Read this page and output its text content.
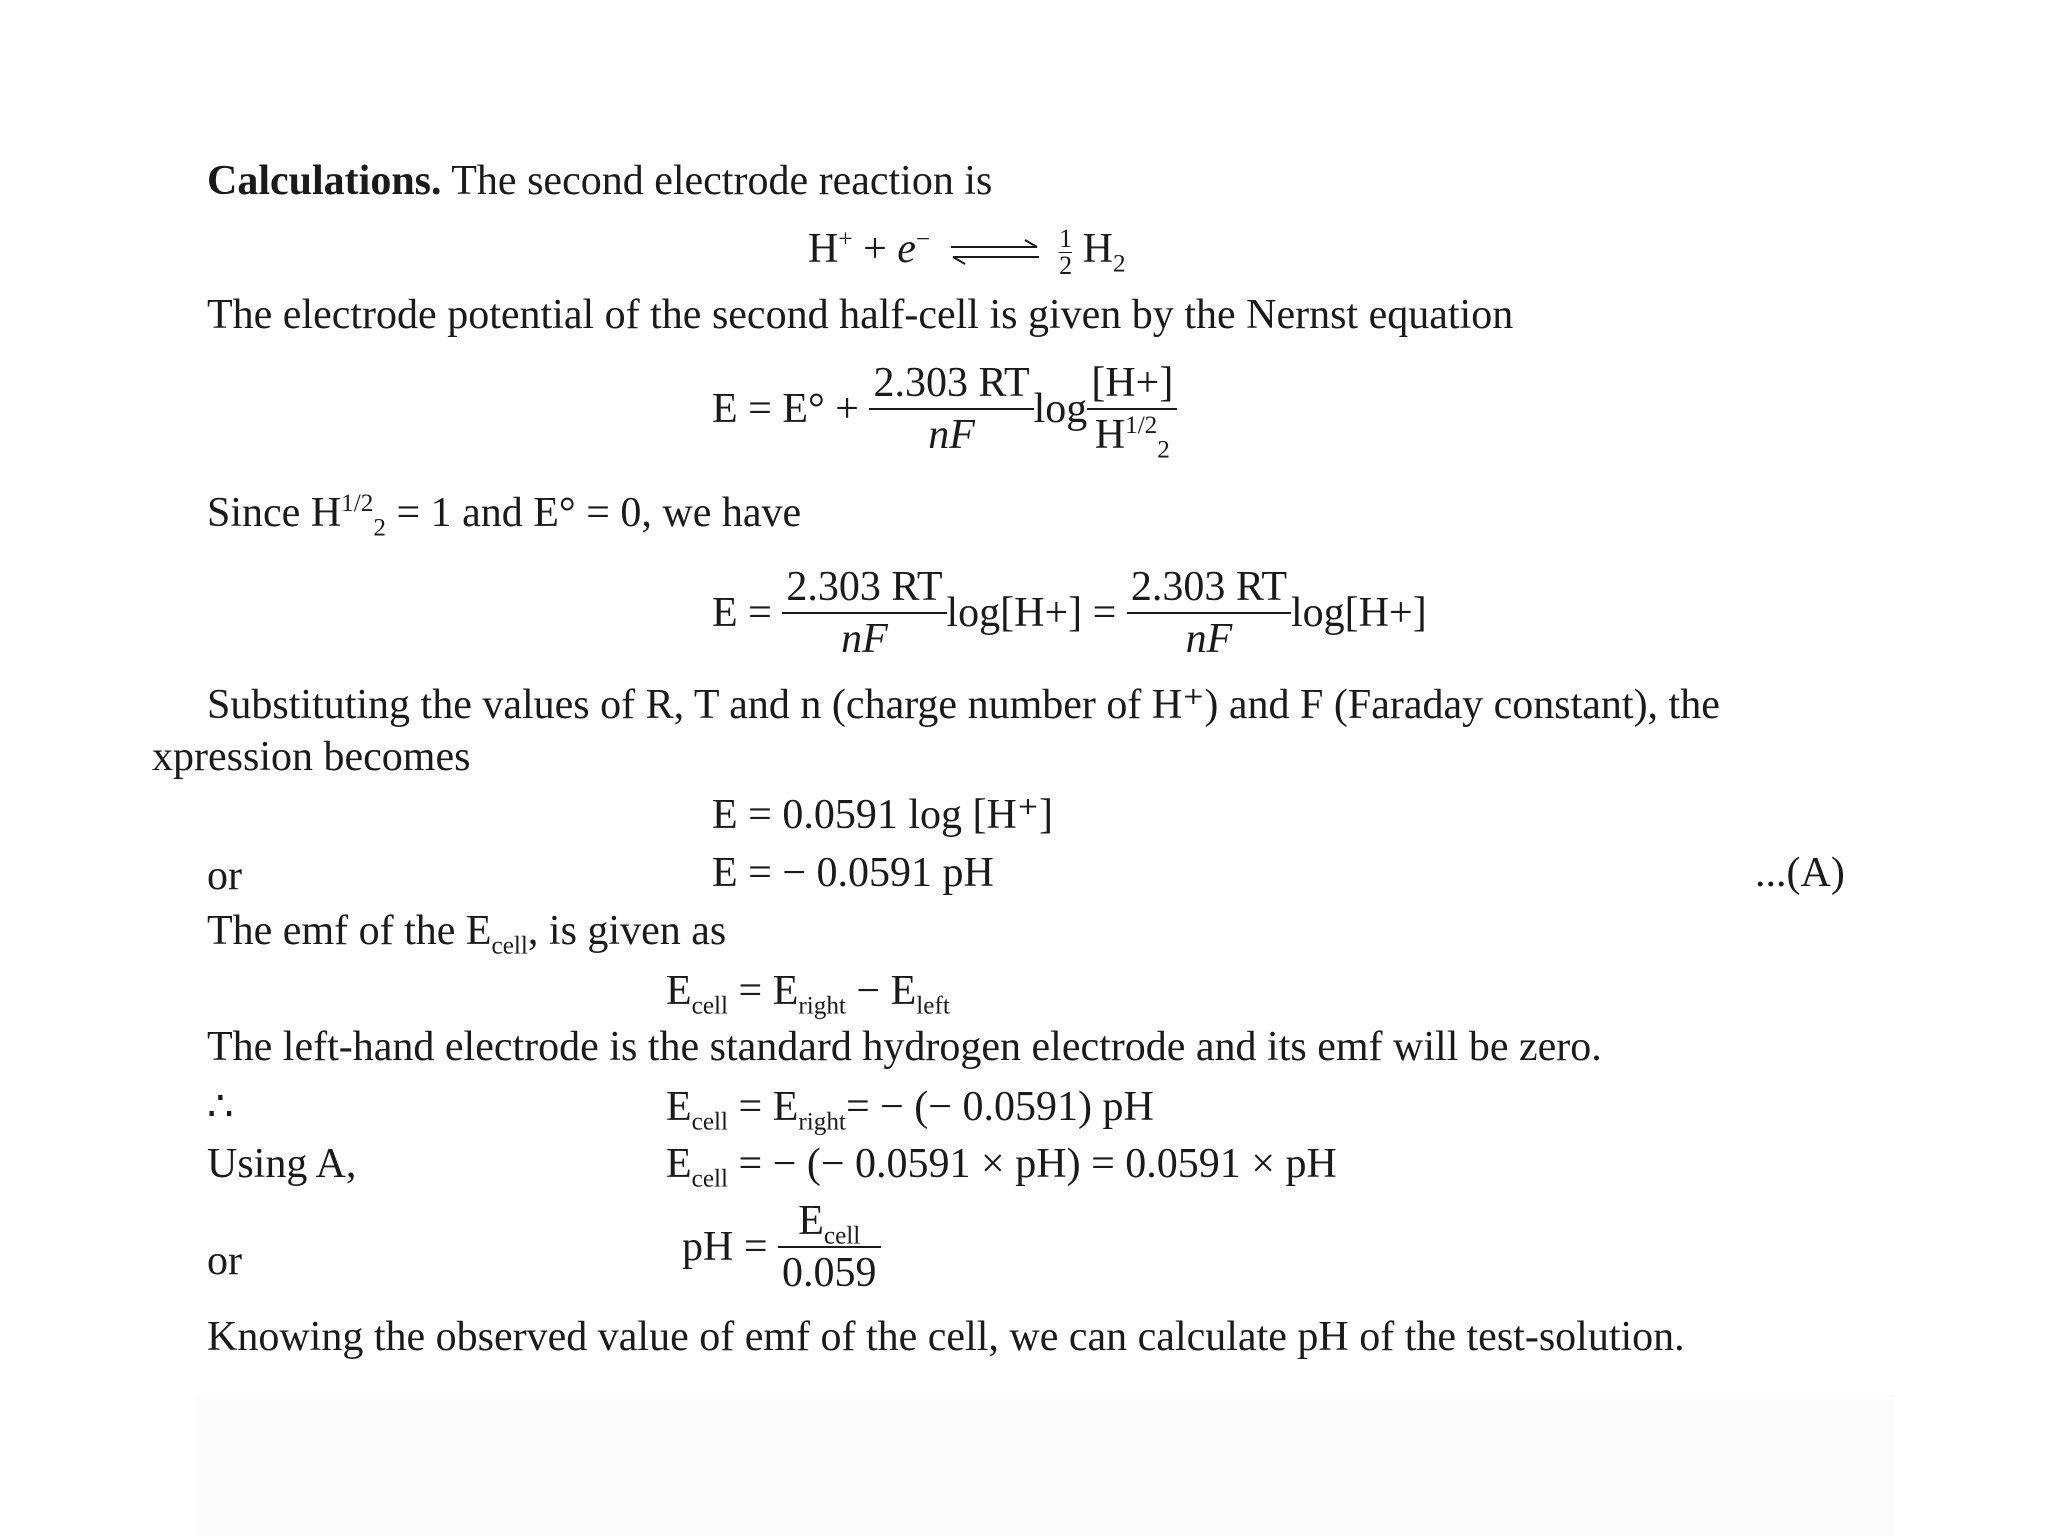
Calculations. The second electrode reaction is
H+ + e− ⇌ $\frac{1}{2} H_2$
The electrode potential of the second half-cell is given by the Nernst equation
$E = E^\circ + \frac{2.303 RT}{nF}$ $\log \frac{[H+]}{H^{1/2}_2}$
Since $H^{1/2}_2 = 1$ and E° = 0, we have
$E = \frac{2.303 RT}{nF} \log[H+] = \frac{2.303 RT}{nF} \log[H+]$
Substituting the values of R, T and n (charge number of H⁺) and F (Faraday constant), the
xpression becomes
E = 0.0591 log [H⁺]
or	E = − 0.0591 pH	...(A)
The emf of the $E_{cell}$, is given as
$E_{cell} = E_{right} - E_{left}$
The left-hand electrode is the standard hydrogen electrode and its emf will be zero.
∴	$E_{cell} = E_{right}=$ − (− 0.0591) pH
Using A,	$E_{cell}$ = − (− 0.0591 × pH) = 0.0591 × pH
or	pH = $\frac{E_{cell}}{0.059}$
Knowing the observed value of emf of the cell, we can calculate pH of the test-solution.
